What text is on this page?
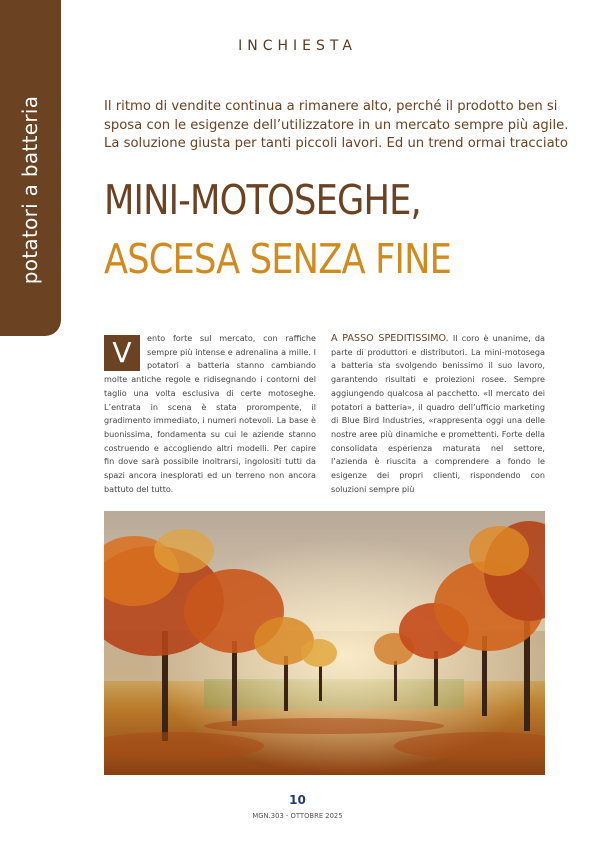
potatori a batteria
INCHIESTA
Il ritmo di vendite continua a rimanere alto, perché il prodotto ben si sposa con le esigenze dell’utilizzatore in un mercato sempre più agile. La soluzione giusta per tanti piccoli lavori. Ed un trend ormai tracciato
MINI-MOTOSEGHE,
ASCESA SENZA FINE
V	ento forte sul mercato, con raffiche sempre più intense e adrenalina a mille. I potatori a batteria stanno cambiando molte antiche regole e ridisegnando i contorni del taglio una volta esclusiva di certe motoseghe. L’entrata in scena è stata prorompente, il gradimento immediato, i numeri notevoli. La base è buonissima, fondamenta su cui le aziende stanno costruendo e accogliendo altri modelli. Per capire fin dove sarà possibile inoltrarsi, ingolositi tutti da spazi ancora inesplorati ed un terreno non ancora battuto del tutto.
A PASSO SPEDITISSIMO. Il coro è unanime, da parte di produttori e distributori. La mini-motosega a batteria sta svolgendo benissimo il suo lavoro, garantendo risultati e proiezioni rosee. Sempre aggiungendo qualcosa al pacchetto. «Il mercato dei potatori a batteria», il quadro dell’ufficio marketing di Blue Bird Industries, «rappresenta oggi una delle nostre aree più dinamiche e promettenti. Forte della consolidata esperienza maturata nel settore, l’azienda è riuscita a comprendere a fondo le esigenze dei propri clienti, rispondendo con soluzioni sempre più
10
MGN.303 - OTTOBRE 2025
